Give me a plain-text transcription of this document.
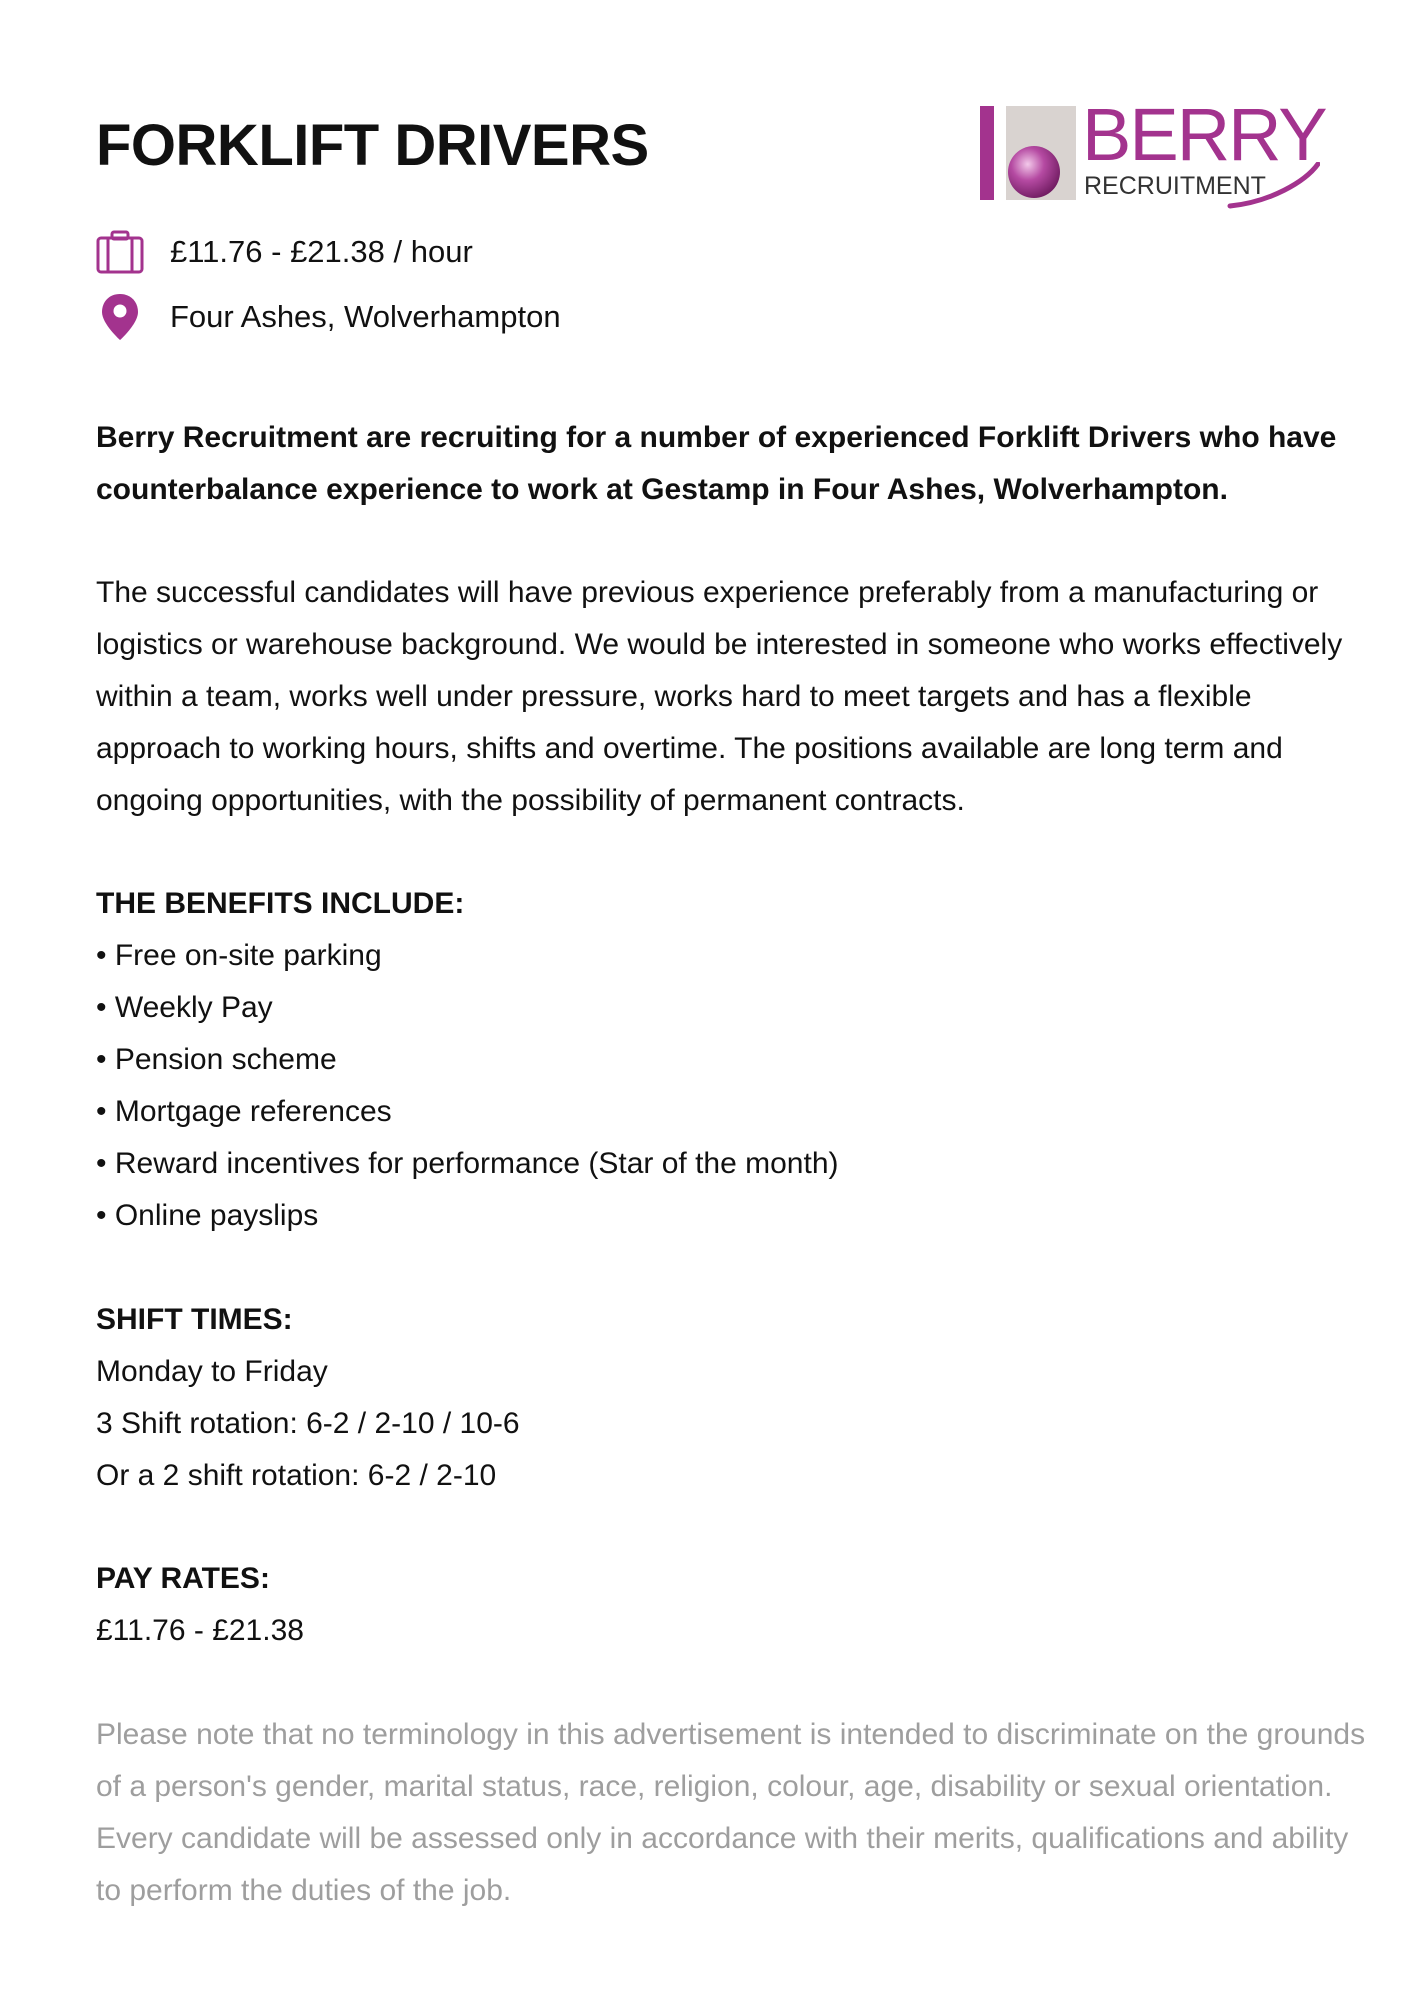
FORKLIFT DRIVERS	BERRY
RECRUITMENT
£11.76 - £21.38 / hour
Four Ashes, Wolverhampton
Berry Recruitment are recruiting for a number of experienced Forklift Drivers who have
counterbalance experience to work at Gestamp in Four Ashes, Wolverhampton.
The successful candidates will have previous experience preferably from a manufacturing or
logistics or warehouse background. We would be interested in someone who works effectively
within a team, works well under pressure, works hard to meet targets and has a flexible
approach to working hours, shifts and overtime. The positions available are long term and
ongoing opportunities, with the possibility of permanent contracts.
THE BENEFITS INCLUDE:
• Free on-site parking
• Weekly Pay
• Pension scheme
• Mortgage references
• Reward incentives for performance (Star of the month)
• Online payslips
SHIFT TIMES:
Monday to Friday
3 Shift rotation: 6-2 / 2-10 / 10-6
Or a 2 shift rotation: 6-2 / 2-10
PAY RATES:
£11.76 - £21.38
Please note that no terminology in this advertisement is intended to discriminate on the grounds
of a person's gender, marital status, race, religion, colour, age, disability or sexual orientation.
Every candidate will be assessed only in accordance with their merits, qualifications and ability
to perform the duties of the job.
